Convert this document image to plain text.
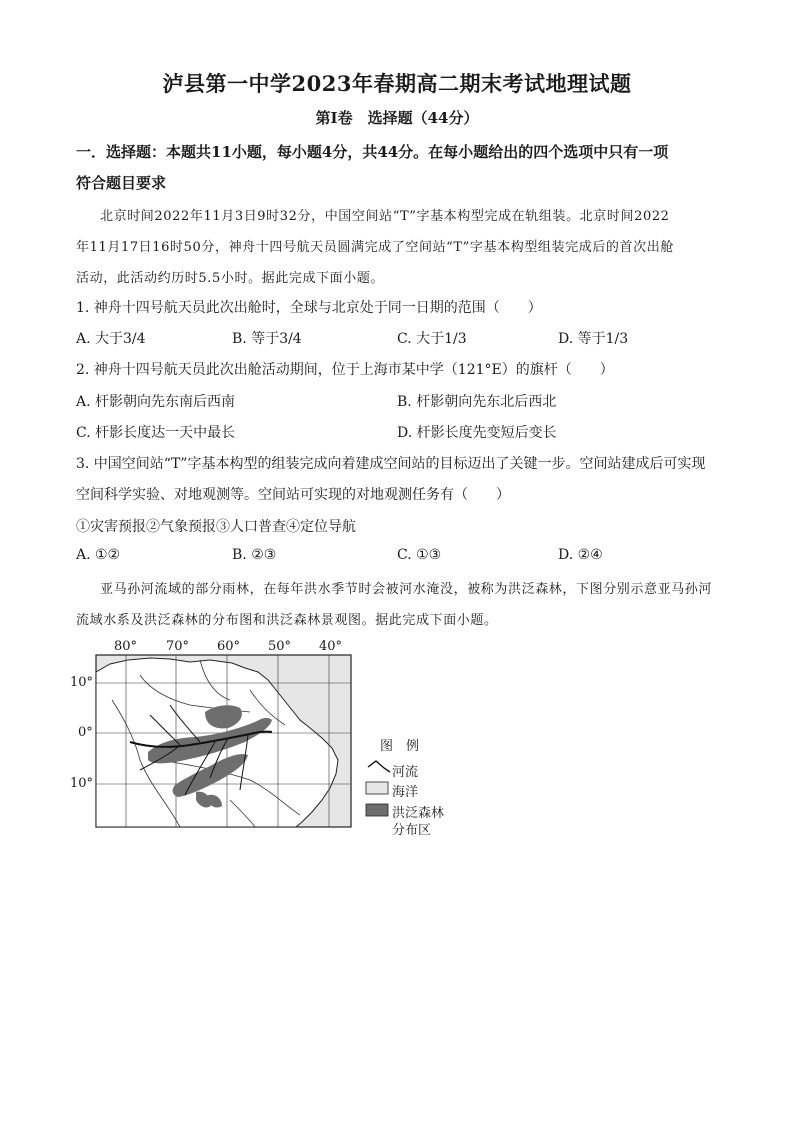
泸县第一中学2023年春期高二期末考试地理试题
第Ⅰ卷　选择题（44分）
一．选择题：本题共11小题，每小题4分，共44分。在每小题给出的四个选项中只有一项
符合题目要求
北京时间2022年11月3日9时32分，中国空间站“T”字基本构型完成在轨组装。北京时间2022
年11月17日16时50分，神舟十四号航天员圆满完成了空间站“T”字基本构型组装完成后的首次出舱
活动，此活动约历时5.5小时。据此完成下面小题。
1. 神舟十四号航天员此次出舱时，全球与北京处于同一日期的范围（　　）
A. 大于3/4	B. 等于3/4	C. 大于1/3	D. 等于1/3
2. 神舟十四号航天员此次出舱活动期间，位于上海市某中学（121°E）的旗杆（　　）
A. 杆影朝向先东南后西南	B. 杆影朝向先东北后西北
C. 杆影长度达一天中最长	D. 杆影长度先变短后变长
3. 中国空间站“T”字基本构型的组装完成向着建成空间站的目标迈出了关键一步。空间站建成后可实现
空间科学实验、对地观测等。空间站可实现的对地观测任务有（　　）
①灾害预报②气象预报③人口普查④定位导航
A. ①②	B. ②③	C. ①③	D. ②④
亚马孙河流域的部分雨林，在每年洪水季节时会被河水淹没，被称为洪泛森林，下图分别示意亚马孙河
流域水系及洪泛森林的分布图和洪泛森林景观图。据此完成下面小题。
80° 70° 60° 50° 40°
10°
0°
10°
图　例
河流
海洋
洪泛森林
分布区
